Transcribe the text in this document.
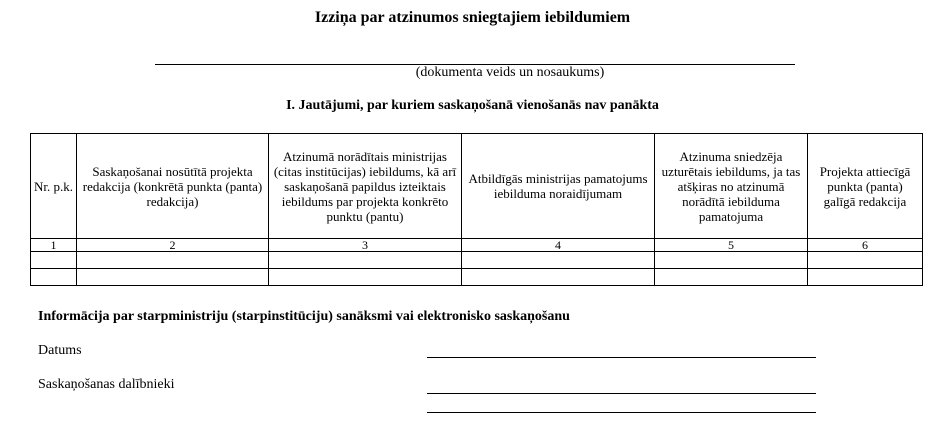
Izziņa par atzinumos sniegtajiem iebildumiem
(dokumenta veids un nosaukums)
I. Jautājumi, par kuriem saskaņošanā vienošanās nav panākta
Nr. p.k.	Saskaņošanai nosūtītā projekta redakcija (konkrētā punkta (panta) redakcija)	Atzinumā norādītais ministrijas (citas institūcijas) iebildums, kā arī saskaņošanā papildus izteiktais iebildums par projekta konkrēto punktu (pantu)	Atbildīgās ministrijas pamatojums iebilduma noraidījumam	Atzinuma sniedzēja uzturētais iebildums, ja tas atšķiras no atzinumā norādītā iebilduma pamatojuma	Projekta attiecīgā punkta (panta) galīgā redakcija
1	2	3	4	5	6

Informācija par starpministriju (starpinstitūciju) sanāksmi vai elektronisko saskaņošanu
Datums
Saskaņošanas dalībnieki
